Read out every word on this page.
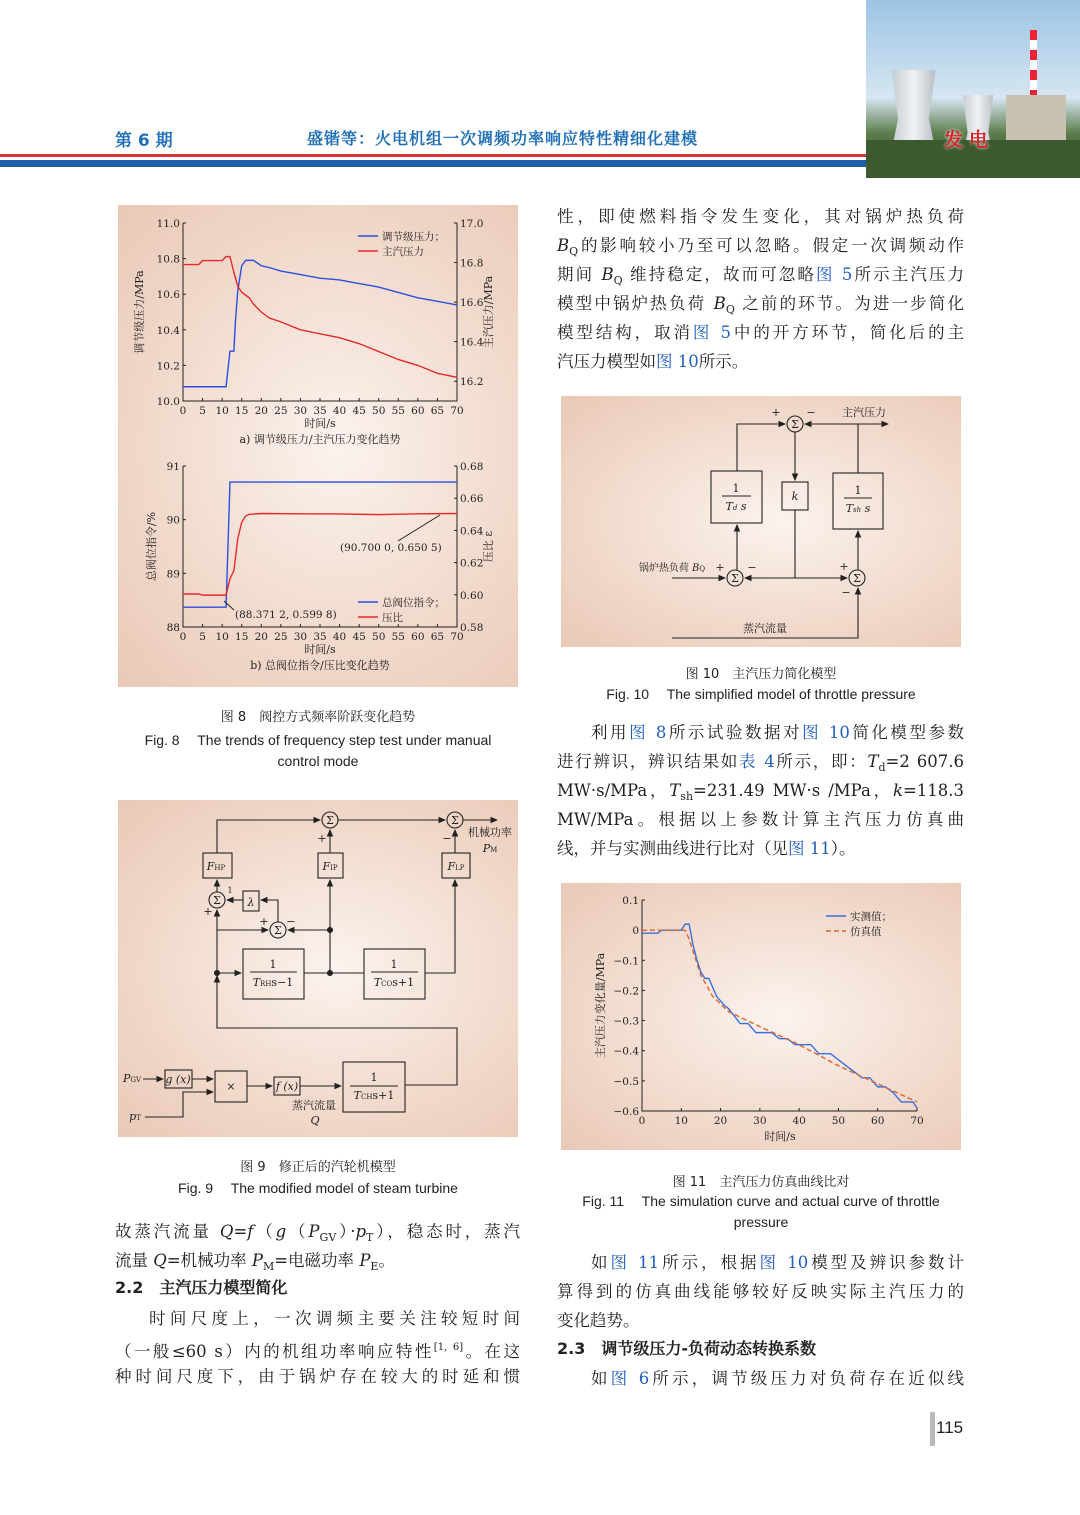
第 6 期	盛锴等：火电机组一次调频功率响应特性精细化建模	发电
图 8　阀控方式频率阶跃变化趋势
Fig. 8　 The trends of frequency step test under manual
control mode
图 9　修正后的汽轮机模型
Fig. 9　 The modified model of steam turbine
图 10　主汽压力简化模型
Fig. 10　 The simplified model of throttle pressure
图 11　主汽压力仿真曲线比对
Fig. 11　 The simulation curve and actual curve of throttle
pressure
故蒸汽流量 $Q=f(g(P_{GV})\cdot p_T)$，稳态时，蒸汽
流量 Q=机械功率 $P_M=$电磁功率 $P_E$。
2.2　主汽压力模型简化
时间尺度上，一次调频主要关注较短时间
（一般≤60 s）内的机组功率响应特性[1, 6]。在这
种时间尺度下，由于锅炉存在较大的时延和惯
性，即使燃料指令发生变化，其对锅炉热负荷
$B_Q$的影响较小乃至可以忽略。假定一次调频动作
期间 $B_Q$ 维持稳定，故而可忽略图 5所示主汽压力
模型中锅炉热负荷 $B_Q$ 之前的环节。为进一步简化
模型结构，取消图 5中的开方环节，简化后的主
汽压力模型如图 10所示。
利用图 8所示试验数据对图 10简化模型参数
进行辨识，辨识结果如表 4所示，即：$T_d=2$ 607.6
MW·s/MPa，$T_{sh}=231.49$ MW·s /MPa，k=118.3
MW/MPa。根据以上参数计算主汽压力仿真曲
线，并与实测曲线进行比对（见图 11）。
如图 11所示，根据图 10模型及辨识参数计
算得到的仿真曲线能够较好反映实际主汽压力的
变化趋势。
2.3　调节级压力-负荷动态转换系数
如图 6所示，调节级压力对负荷存在近似线
115
0 5 10 15 20 25 30 35 40 45 50 55 60 65 70
10.0
10.2
10.4
10.6
10.8
11.0
16.2
16.4
16.6
16.8
17.0
时间/s
a) 调节级压力/主汽压力变化趋势
调节级压力/MPa	主汽压力/MPa
调节级压力；
主汽压力
0 5 10 15 20 25 30 35 40 45 50 55 60 65 70
88
89
90
91
0.58
0.60
0.62
0.64
0.66
0.68
时间/s
b) 总阀位指令/压比变化趋势
总阀位指令/%	压比 ε
总阀位指令；
压比
(90.700 0, 0.650 5)
(88.371 2, 0.599 8)
0	10 20 30 40 50 60 70
−0.6
−0.5
−0.4
−0.3
−0.2
−0.1
0
0.1
时间/s
主汽压力变化量/MPa
实测值；
仿真值
Σ	Σ
Σ
Σ
FHP	FIP	FLP
λ
1
TRHs−1
1
TCOs+1
1
TCHs+1
g (x)
×	f (x)
PGV
pT
蒸汽流量
Q
机械功率
PM
+	−
1
+
+ −
Σ
Σ	Σ
1
Td s
k	1
Tsh s
主汽压力
锅炉热负荷 BQ
蒸汽流量
+ −
+ −	+
−
